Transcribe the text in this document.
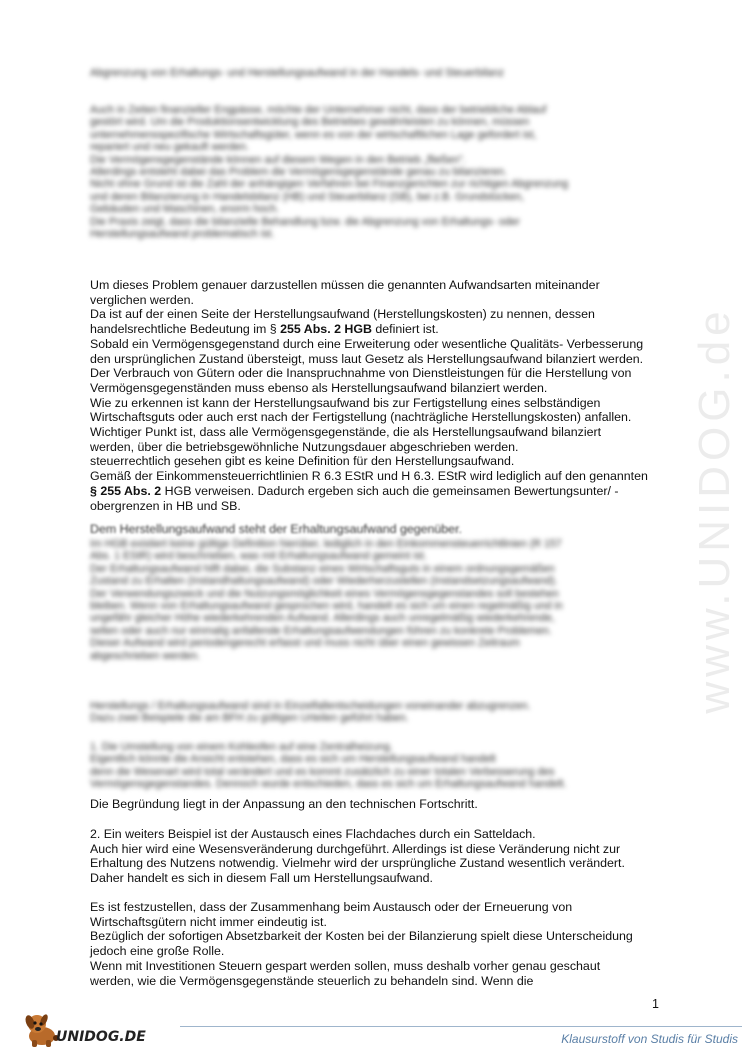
www.UNIDOG.de
Abgrenzung von Erhaltungs- und Herstellungsaufwand in der Handels- und Steuerbilanz
Auch in Zeiten finanzieller Engpässe, möchte der Unternehmer nicht, dass der betriebliche Ablauf
gestört wird. Um die Produktionsentwicklung des Betriebes gewährleisten zu können, müssen
unternehmensspezifische Wirtschaftsgüter, wenn es von der wirtschaftlichen Lage gefordert ist,
repariert und neu gekauft werden.
Die Vermögensgegenstände können auf diesem Wegen in den Betrieb „fließen".
Allerdings entsteht dabei das Problem die Vermögensgegenstände genau zu bilanzieren.
Nicht ohne Grund ist die Zahl der anhängigen Verfahren bei Finanzgerichten zur richtigen Abgrenzung
und deren Bilanzierung in Handelsbilanz (HB) und Steuerbilanz (SB), bei z.B. Grundstücken,
Gebäuden und Maschinen, enorm hoch.
Die Praxis zeigt, dass die bilanzielle Behandlung bzw. die Abgrenzung von Erhaltungs- oder
Herstellungsaufwand problematisch ist.
Um dieses Problem genauer darzustellen müssen die genannten Aufwandsarten miteinander
verglichen werden.
Da ist auf der einen Seite der Herstellungsaufwand (Herstellungskosten) zu nennen, dessen
handelsrechtliche Bedeutung im § 255 Abs. 2 HGB definiert ist.
Sobald ein Vermögensgegenstand durch eine Erweiterung oder wesentliche Qualitäts- Verbesserung
den ursprünglichen Zustand übersteigt, muss laut Gesetz als Herstellungsaufwand bilanziert werden.
Der Verbrauch von Gütern oder die Inanspruchnahme von Dienstleistungen für die Herstellung von
Vermögensgegenständen muss ebenso als Herstellungsaufwand bilanziert werden.
Wie zu erkennen ist kann der Herstellungsaufwand bis zur Fertigstellung eines selbständigen
Wirtschaftsguts oder auch erst nach der Fertigstellung (nachträgliche Herstellungskosten) anfallen.
Wichtiger Punkt ist, dass alle Vermögensgegenstände, die als Herstellungsaufwand bilanziert
werden, über die betriebsgewöhnliche Nutzungsdauer abgeschrieben werden.
steuerrechtlich gesehen gibt es keine Definition für den Herstellungsaufwand.
Gemäß der Einkommensteuerrichtlinien R 6.3 EStR und H 6.3. EStR wird lediglich auf den genannten
§ 255 Abs. 2 HGB verweisen. Dadurch ergeben sich auch die gemeinsamen Bewertungsunter/ -
obergrenzen in HB und SB.
Dem Herstellungsaufwand steht der Erhaltungsaufwand gegenüber.
Im HGB existiert keine gültige Definition hierüber, lediglich in den Einkommensteuerrichtlinien (R 157
Abs. 1 EStR) wird beschrieben, was mit Erhaltungsaufwand gemeint ist.
Der Erhaltungsaufwand hilft dabei, die Substanz eines Wirtschaftsguts in einem ordnungsgemäßen
Zustand zu Erhalten (Instandhaltungsaufwand) oder Wiederherzustellen (Instandsetzungsaufwand).
Der Verwendungszweck und die Nutzungsmöglichkeit eines Vermögensgegenstandes soll bestehen
bleiben. Wenn von Erhaltungsaufwand gesprochen wird, handelt es sich um einen regelmäßig und in
ungefähr gleicher Höhe wiederkehrenden Aufwand. Allerdings auch unregelmäßig wiederkehrende,
selten oder auch nur einmalig anfallende Erhaltungsaufwendungen führen zu konkrete Problemen.
Dieser Aufwand wird periodengerecht erfasst und muss nicht über einen gewissen Zeitraum
abgeschrieben werden.
Herstellungs / Erhaltungsaufwand sind in Einzelfallentscheidungen voneinander abzugrenzen.
Dazu zwei Beispiele die am BFH zu gültigen Urteilen geführt haben.
1. Die Umstellung von einem Kohleofen auf eine Zentralheizung.
Eigentlich könnte die Ansicht entstehen, dass es sich um Herstellungsaufwand handelt
denn die Wesenart wird total verändert und es kommt zusätzlich zu einer totalen Verbesserung des
Vermögensgegenstandes. Dennoch wurde entschieden, dass es sich um Erhaltungsaufwand handelt.
Die Begründung liegt in der Anpassung an den technischen Fortschritt.
2. Ein weiters Beispiel ist der Austausch eines Flachdaches durch ein Satteldach.
Auch hier wird eine Wesensveränderung durchgeführt. Allerdings ist diese Veränderung nicht zur
Erhaltung des Nutzens notwendig. Vielmehr wird der ursprüngliche Zustand wesentlich verändert.
Daher handelt es sich in diesem Fall um Herstellungsaufwand.
Es ist festzustellen, dass der Zusammenhang beim Austausch oder der Erneuerung von
Wirtschaftsgütern nicht immer eindeutig ist.
Bezüglich der sofortigen Absetzbarkeit der Kosten bei der Bilanzierung spielt diese Unterscheidung
jedoch eine große Rolle.
Wenn mit Investitionen Steuern gespart werden sollen, muss deshalb vorher genau geschaut
werden, wie die Vermögensgegenstände steuerlich zu behandeln sind. Wenn die
1
UNIDOG.DE	Klausurstoff von Studis für Studis
